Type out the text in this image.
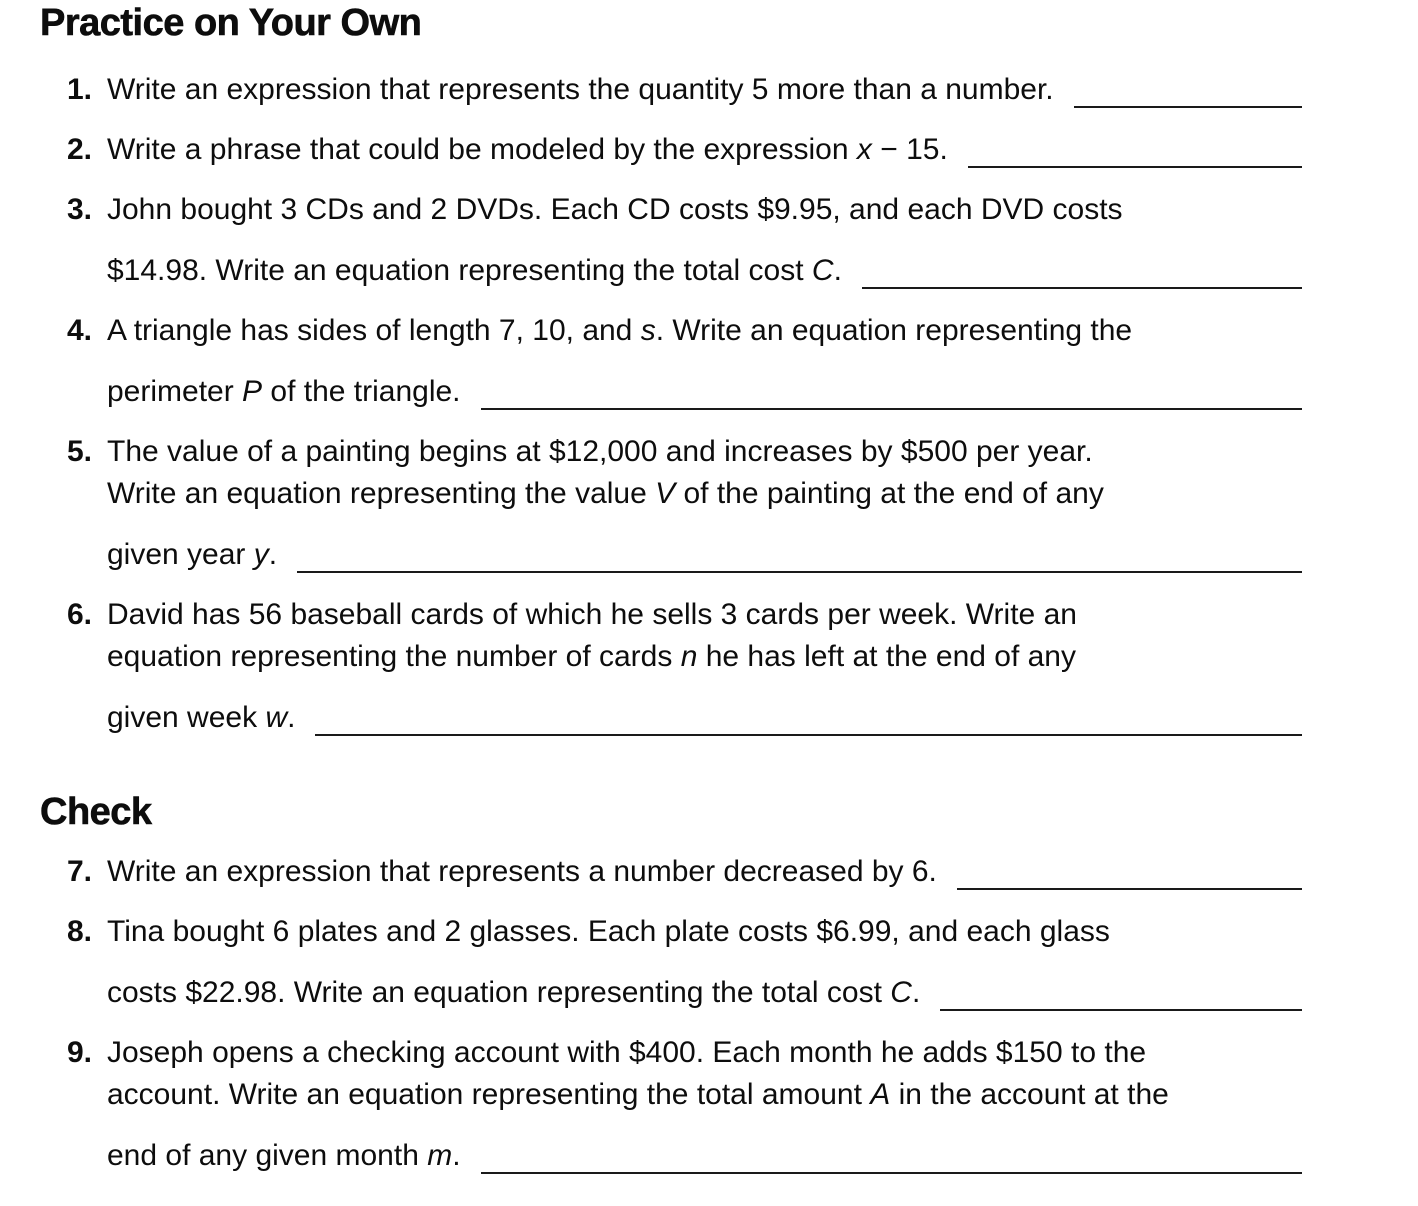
Practice on Your Own
1. Write an expression that represents the quantity 5 more than a number.
2. Write a phrase that could be modeled by the expression x − 15.
3. John bought 3 CDs and 2 DVDs. Each CD costs $9.95, and each DVD costs
$14.98. Write an equation representing the total cost C.
4. A triangle has sides of length 7, 10, and s. Write an equation representing the
perimeter P of the triangle.
5. The value of a painting begins at $12,000 and increases by $500 per year.
Write an equation representing the value V of the painting at the end of any
given year y.
6. David has 56 baseball cards of which he sells 3 cards per week. Write an
equation representing the number of cards n he has left at the end of any
given week w.
Check
7. Write an expression that represents a number decreased by 6.
8. Tina bought 6 plates and 2 glasses. Each plate costs $6.99, and each glass
costs $22.98. Write an equation representing the total cost C.
9. Joseph opens a checking account with $400. Each month he adds $150 to the
account. Write an equation representing the total amount A in the account at the
end of any given month m.
